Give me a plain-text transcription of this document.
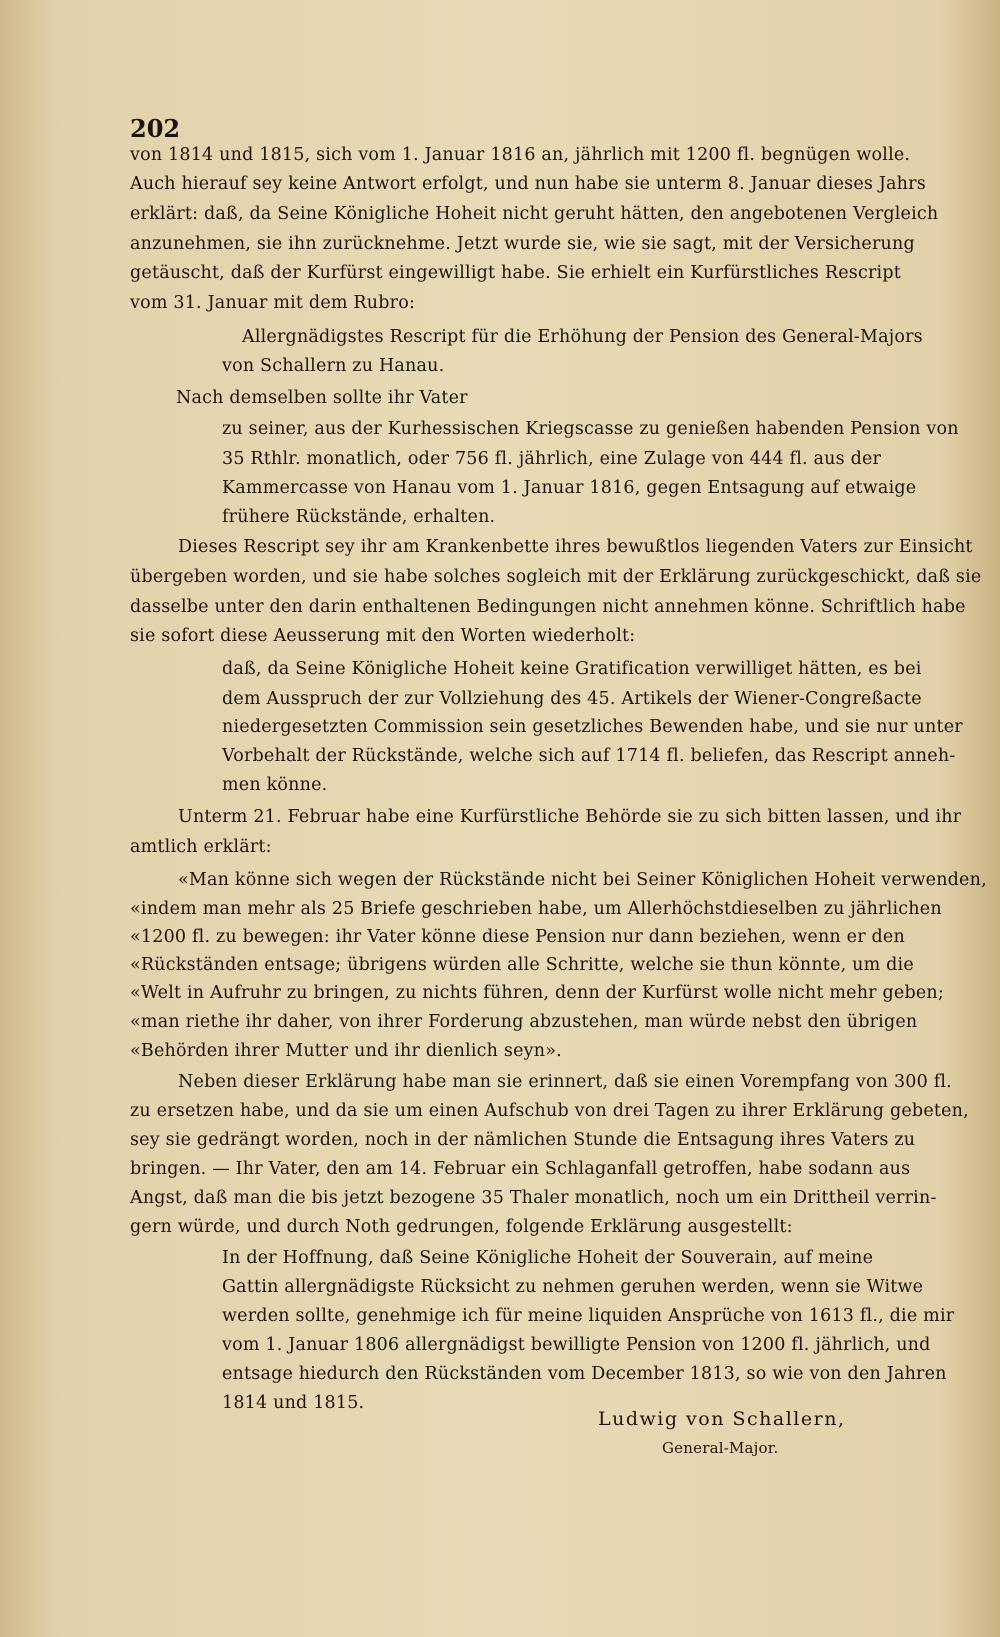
202
von 1814 und 1815, sich vom 1. Januar 1816 an, jährlich mit 1200 fl. begnügen wolle.
Auch hierauf sey keine Antwort erfolgt, und nun habe sie unterm 8. Januar dieses Jahrs
erklärt: daß, da Seine Königliche Hoheit nicht geruht hätten, den angebotenen Vergleich
anzunehmen, sie ihn zurücknehme. Jetzt wurde sie, wie sie sagt, mit der Versicherung
getäuscht, daß der Kurfürst eingewilligt habe. Sie erhielt ein Kurfürstliches Rescript
vom 31. Januar mit dem Rubro:
Allergnädigstes Rescript für die Erhöhung der Pension des General-Majors
von Schallern zu Hanau.
Nach demselben sollte ihr Vater
zu seiner, aus der Kurhessischen Kriegscasse zu genießen habenden Pension von
35 Rthlr. monatlich, oder 756 fl. jährlich, eine Zulage von 444 fl. aus der
Kammercasse von Hanau vom 1. Januar 1816, gegen Entsagung auf etwaige
frühere Rückstände, erhalten.
Dieses Rescript sey ihr am Krankenbette ihres bewußtlos liegenden Vaters zur Einsicht
übergeben worden, und sie habe solches sogleich mit der Erklärung zurückgeschickt, daß sie
dasselbe unter den darin enthaltenen Bedingungen nicht annehmen könne. Schriftlich habe
sie sofort diese Aeusserung mit den Worten wiederholt:
daß, da Seine Königliche Hoheit keine Gratification verwilliget hätten, es bei
dem Ausspruch der zur Vollziehung des 45. Artikels der Wiener-Congreßacte
niedergesetzten Commission sein gesetzliches Bewenden habe, und sie nur unter
Vorbehalt der Rückstände, welche sich auf 1714 fl. beliefen, das Rescript anneh-
men könne.
Unterm 21. Februar habe eine Kurfürstliche Behörde sie zu sich bitten lassen, und ihr
amtlich erklärt:
«Man könne sich wegen der Rückstände nicht bei Seiner Königlichen Hoheit verwenden,
«indem man mehr als 25 Briefe geschrieben habe, um Allerhöchstdieselben zu jährlichen
«1200 fl. zu bewegen: ihr Vater könne diese Pension nur dann beziehen, wenn er den
«Rückständen entsage; übrigens würden alle Schritte, welche sie thun könnte, um die
«Welt in Aufruhr zu bringen, zu nichts führen, denn der Kurfürst wolle nicht mehr geben;
«man riethe ihr daher, von ihrer Forderung abzustehen, man würde nebst den übrigen
«Behörden ihrer Mutter und ihr dienlich seyn».
Neben dieser Erklärung habe man sie erinnert, daß sie einen Vorempfang von 300 fl.
zu ersetzen habe, und da sie um einen Aufschub von drei Tagen zu ihrer Erklärung gebeten,
sey sie gedrängt worden, noch in der nämlichen Stunde die Entsagung ihres Vaters zu
bringen. — Ihr Vater, den am 14. Februar ein Schlaganfall getroffen, habe sodann aus
Angst, daß man die bis jetzt bezogene 35 Thaler monatlich, noch um ein Drittheil verrin-
gern würde, und durch Noth gedrungen, folgende Erklärung ausgestellt:
In der Hoffnung, daß Seine Königliche Hoheit der Souverain, auf meine
Gattin allergnädigste Rücksicht zu nehmen geruhen werden, wenn sie Witwe
werden sollte, genehmige ich für meine liquiden Ansprüche von 1613 fl., die mir
vom 1. Januar 1806 allergnädigst bewilligte Pension von 1200 fl. jährlich, und
entsage hiedurch den Rückständen vom December 1813, so wie von den Jahren
1814 und 1815.
Ludwig von Schallern,
General-Major.
